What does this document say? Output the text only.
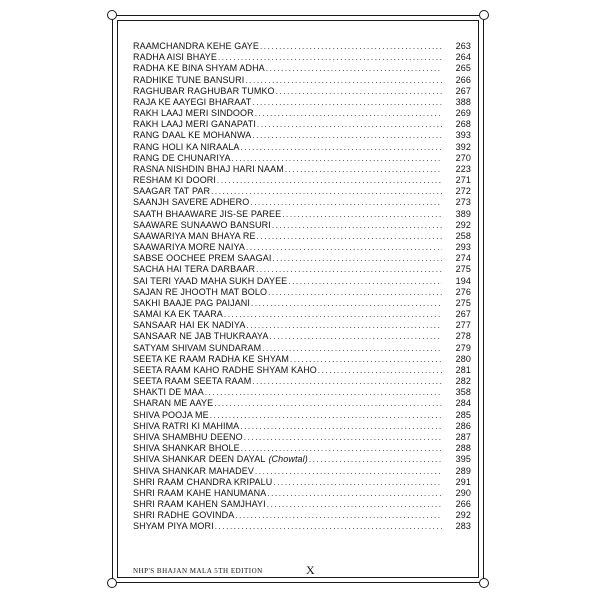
RAAMCHANDRA KEHE GAYE .....	263
RADHA AISI BHAYE .....	264
RADHA KE BINA SHYAM ADHA .....	265
RADHIKE TUNE BANSURI .....	266
RAGHUBAR RAGHUBAR TUMKO .....	267
RAJA KE AAYEGI BHARAAT .....	388
RAKH LAAJ MERI SINDOOR .....	269
RAKH LAAJ MERI GANAPATI .....	268
RANG DAAL KE MOHANWA .....	393
RANG HOLI KA NIRAALA .....	392
RANG DE CHUNARIYA .....	270
RASNA NISHDIN BHAJ HARI NAAM .....	223
RESHAM KI DOORI .....	271
SAAGAR TAT PAR .....	272
SAANJH SAVERE ADHERO .....	273
SAATH BHAAWARE JIS-SE PAREE .....	389
SAAWARE SUNAAWO BANSURI .....	292
SAAWARIYA MAN BHAYA RE .....	258
SAAWARIYA MORE NAIYA .....	293
SABSE OOCHEE PREM SAAGAI .....	274
SACHA HAI TERA DARBAAR .....	275
SAI TERI YAAD MAHA SUKH DAYEE .....	194
SAJAN RE JHOOTH MAT BOLO .....	276
SAKHI BAAJE PAG PAIJANI .....	275
SAMAI KA EK TAARA .....	267
SANSAAR HAI EK NADIYA .....	277
SANSAAR NE JAB THUKRAAYA .....	278
SATYAM SHIVAM SUNDARAM .....	279
SEETA KE RAAM RADHA KE SHYAM .....	280
SEETA RAAM KAHO RADHE SHYAM KAHO .....	281
SEETA RAAM SEETA RAAM .....	282
SHAKTI DE MAA .....	358
SHARAN ME AAYE .....	284
SHIVA POOJA ME .....	285
SHIVA RATRI KI MAHIMA .....	286
SHIVA SHAMBHU DEENO .....	287
SHIVA SHANKAR BHOLE .....	288
SHIVA SHANKAR DEEN DAYAL (Chowtal) .....	395
SHIVA SHANKAR MAHADEV .....	289
SHRI RAAM CHANDRA KRIPALU .....	291
SHRI RAAM KAHE HANUMANA .....	290
SHRI RAAM KAHEN SAMJHAYI .....	266
SHRI RADHE GOVINDA .....	292
SHYAM PIYA MORI .....	283
NHP'S BHAJAN MALA 5TH EDITION	X
